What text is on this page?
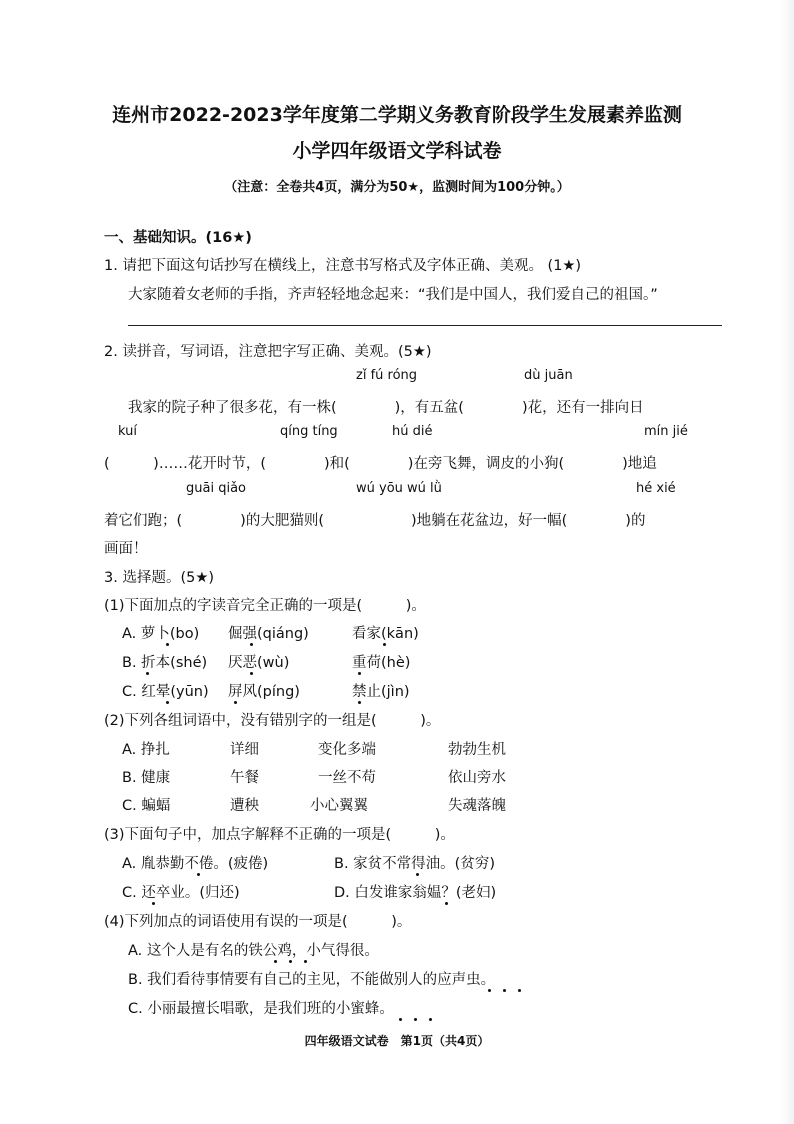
连州市2022-2023学年度第二学期义务教育阶段学生发展素养监测
小学四年级语文学科试卷
（注意：全卷共4页，满分为50★，监测时间为100分钟。）
一、基础知识。(16★)
1. 请把下面这句话抄写在横线上，注意书写格式及字体正确、美观。 (1★)
大家随着女老师的手指，齐声轻轻地念起来：“我们是中国人，我们爱自己的祖国。”
2. 读拼音，写词语，注意把字写正确、美观。(5★)
zǐ fú róng	dù juān
我家的院子种了很多花，有一株(　　　　)，有五盆(　　　　)花，还有一排向日
kuí	qíng tíng	hú dié	mín jié
(　　　)……花开时节，(　　　　)和(　　　　)在旁飞舞，调皮的小狗(　　　　)地追
guāi qiǎo	wú yōu wú lǜ	hé xié
着它们跑；(　　　　)的大肥猫则(　　　　　　)地躺在花盆边，好一幅(　　　　)的
画面！
3. 选择题。(5★)
(1)下面加点的字读音完全正确的一项是(　　　)。
A. 萝卜(bo) 倔强(qiáng)	看家(kān)
B. 折本(shé) 厌恶(wù)	重荷(hè)
C. 红晕(yūn) 屏风(píng)	禁止(jìn)
(2)下列各组词语中，没有错别字的一组是(　　　)。
A. 挣扎	详细	变化多端	勃勃生机
B. 健康	午餐	一丝不苟	依山旁水
C. 蝙蝠	遭秧	小心翼翼	失魂落魄
(3)下面句子中，加点字解释不正确的一项是(　　　)。
A. 胤恭勤不倦。(疲倦)	B. 家贫不常得油。(贫穷)
C. 还卒业。(归还)	D. 白发谁家翁媪？(老妇)
(4)下列加点的词语使用有误的一项是(　　　)。
A. 这个人是有名的铁公鸡，小气得很。
B. 我们看待事情要有自己的主见，不能做别人的应声虫。
C. 小丽最擅长唱歌，是我们班的小蜜蜂。
四年级语文试卷　第1页（共4页）
